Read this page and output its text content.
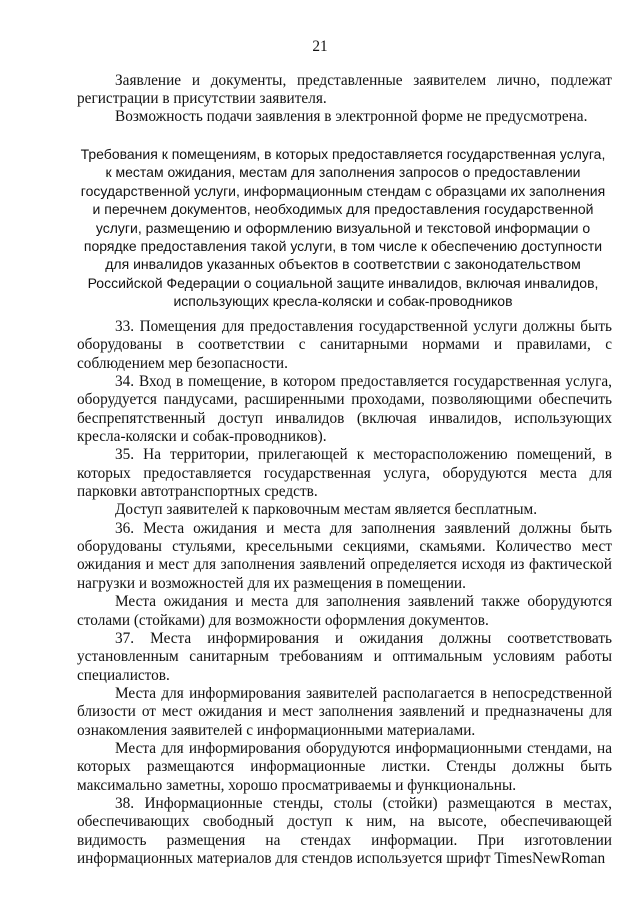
21

Заявление и документы, представленные заявителем лично, подлежат регистрации в присутствии заявителя.

Возможность подачи заявления в электронной форме не предусмотрена.

Требования к помещениям, в которых предоставляется государственная услуга,
к местам ожидания, местам для заполнения запросов о предоставлении
государственной услуги, информационным стендам с образцами их заполнения
и перечнем документов, необходимых для предоставления государственной
услуги, размещению и оформлению визуальной и текстовой информации о
порядке предоставления такой услуги, в том числе к обеспечению доступности
для инвалидов указанных объектов в соответствии с законодательством
Российской Федерации о социальной защите инвалидов, включая инвалидов,
использующих кресла-коляски и собак-проводников

33. Помещения для предоставления государственной услуги должны быть оборудованы в соответствии с санитарными нормами и правилами, с соблюдением мер безопасности.

34. Вход в помещение, в котором предоставляется государственная услуга, оборудуется пандусами, расширенными проходами, позволяющими обеспечить беспрепятственный доступ инвалидов (включая инвалидов, использующих кресла-коляски и собак-проводников).

35. На территории, прилегающей к месторасположению помещений, в которых предоставляется государственная услуга, оборудуются места для парковки автотранспортных средств.

Доступ заявителей к парковочным местам является бесплатным.

36. Места ожидания и места для заполнения заявлений должны быть оборудованы стульями, кресельными секциями, скамьями. Количество мест ожидания и мест для заполнения заявлений определяется исходя из фактической нагрузки и возможностей для их размещения в помещении.

Места ожидания и места для заполнения заявлений также оборудуются столами (стойками) для возможности оформления документов.

37. Места информирования и ожидания должны соответствовать установленным санитарным требованиям и оптимальным условиям работы специалистов.

Места для информирования заявителей располагается в непосредственной близости от мест ожидания и мест заполнения заявлений и предназначены для ознакомления заявителей с информационными материалами.

Места для информирования оборудуются информационными стендами, на которых размещаются информационные листки. Стенды должны быть максимально заметны, хорошо просматриваемы и функциональны.

38. Информационные стенды, столы (стойки) размещаются в местах, обеспечивающих свободный доступ к ним, на высоте, обеспечивающей видимость размещения на стендах информации. При изготовлении информационных материалов для стендов используется шрифт TimesNewRoman
